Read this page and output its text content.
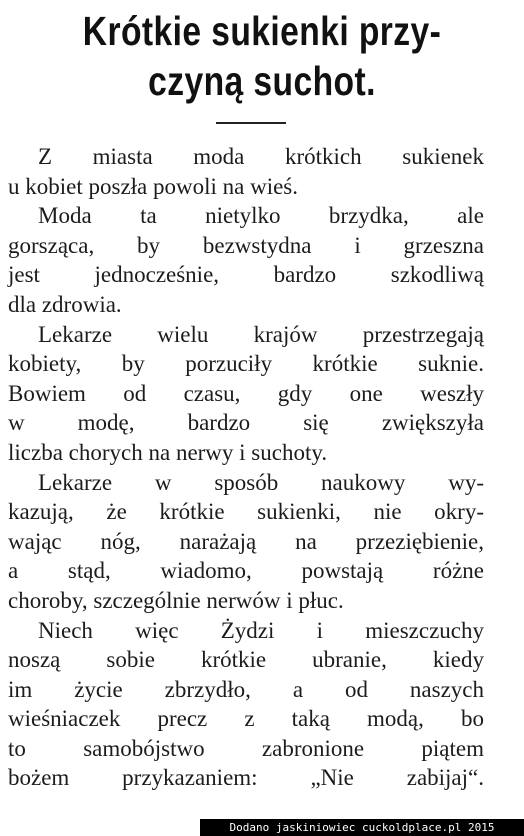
Krótkie sukienki przy-
czyną suchot.
Z miasta moda krótkich sukienek
u kobiet poszła powoli na wieś.
Moda ta nietylko brzydka, ale
gorsząca, by bezwstydna i grzeszna
jest jednocześnie, bardzo szkodliwą
dla zdrowia.
Lekarze wielu krajów przestrzegają
kobiety, by porzuciły krótkie suknie.
Bowiem od czasu, gdy one weszły
w modę, bardzo się zwiększyła
liczba chorych na nerwy i suchoty.
Lekarze w sposób naukowy wy-
kazują, że krótkie sukienki, nie okry-
wając nóg, narażają na przeziębienie,
a stąd, wiadomo, powstają różne
choroby, szczególnie nerwów i płuc.
Niech więc Żydzi i mieszczuchy
noszą sobie krótkie ubranie, kiedy
im życie zbrzydło, a od naszych
wieśniaczek precz z taką modą, bo
to samobójstwo zabronione piątem
bożem przykazaniem: „Nie zabijaj“.
Dodano jaskiniowiec cuckoldplace.pl 2015
